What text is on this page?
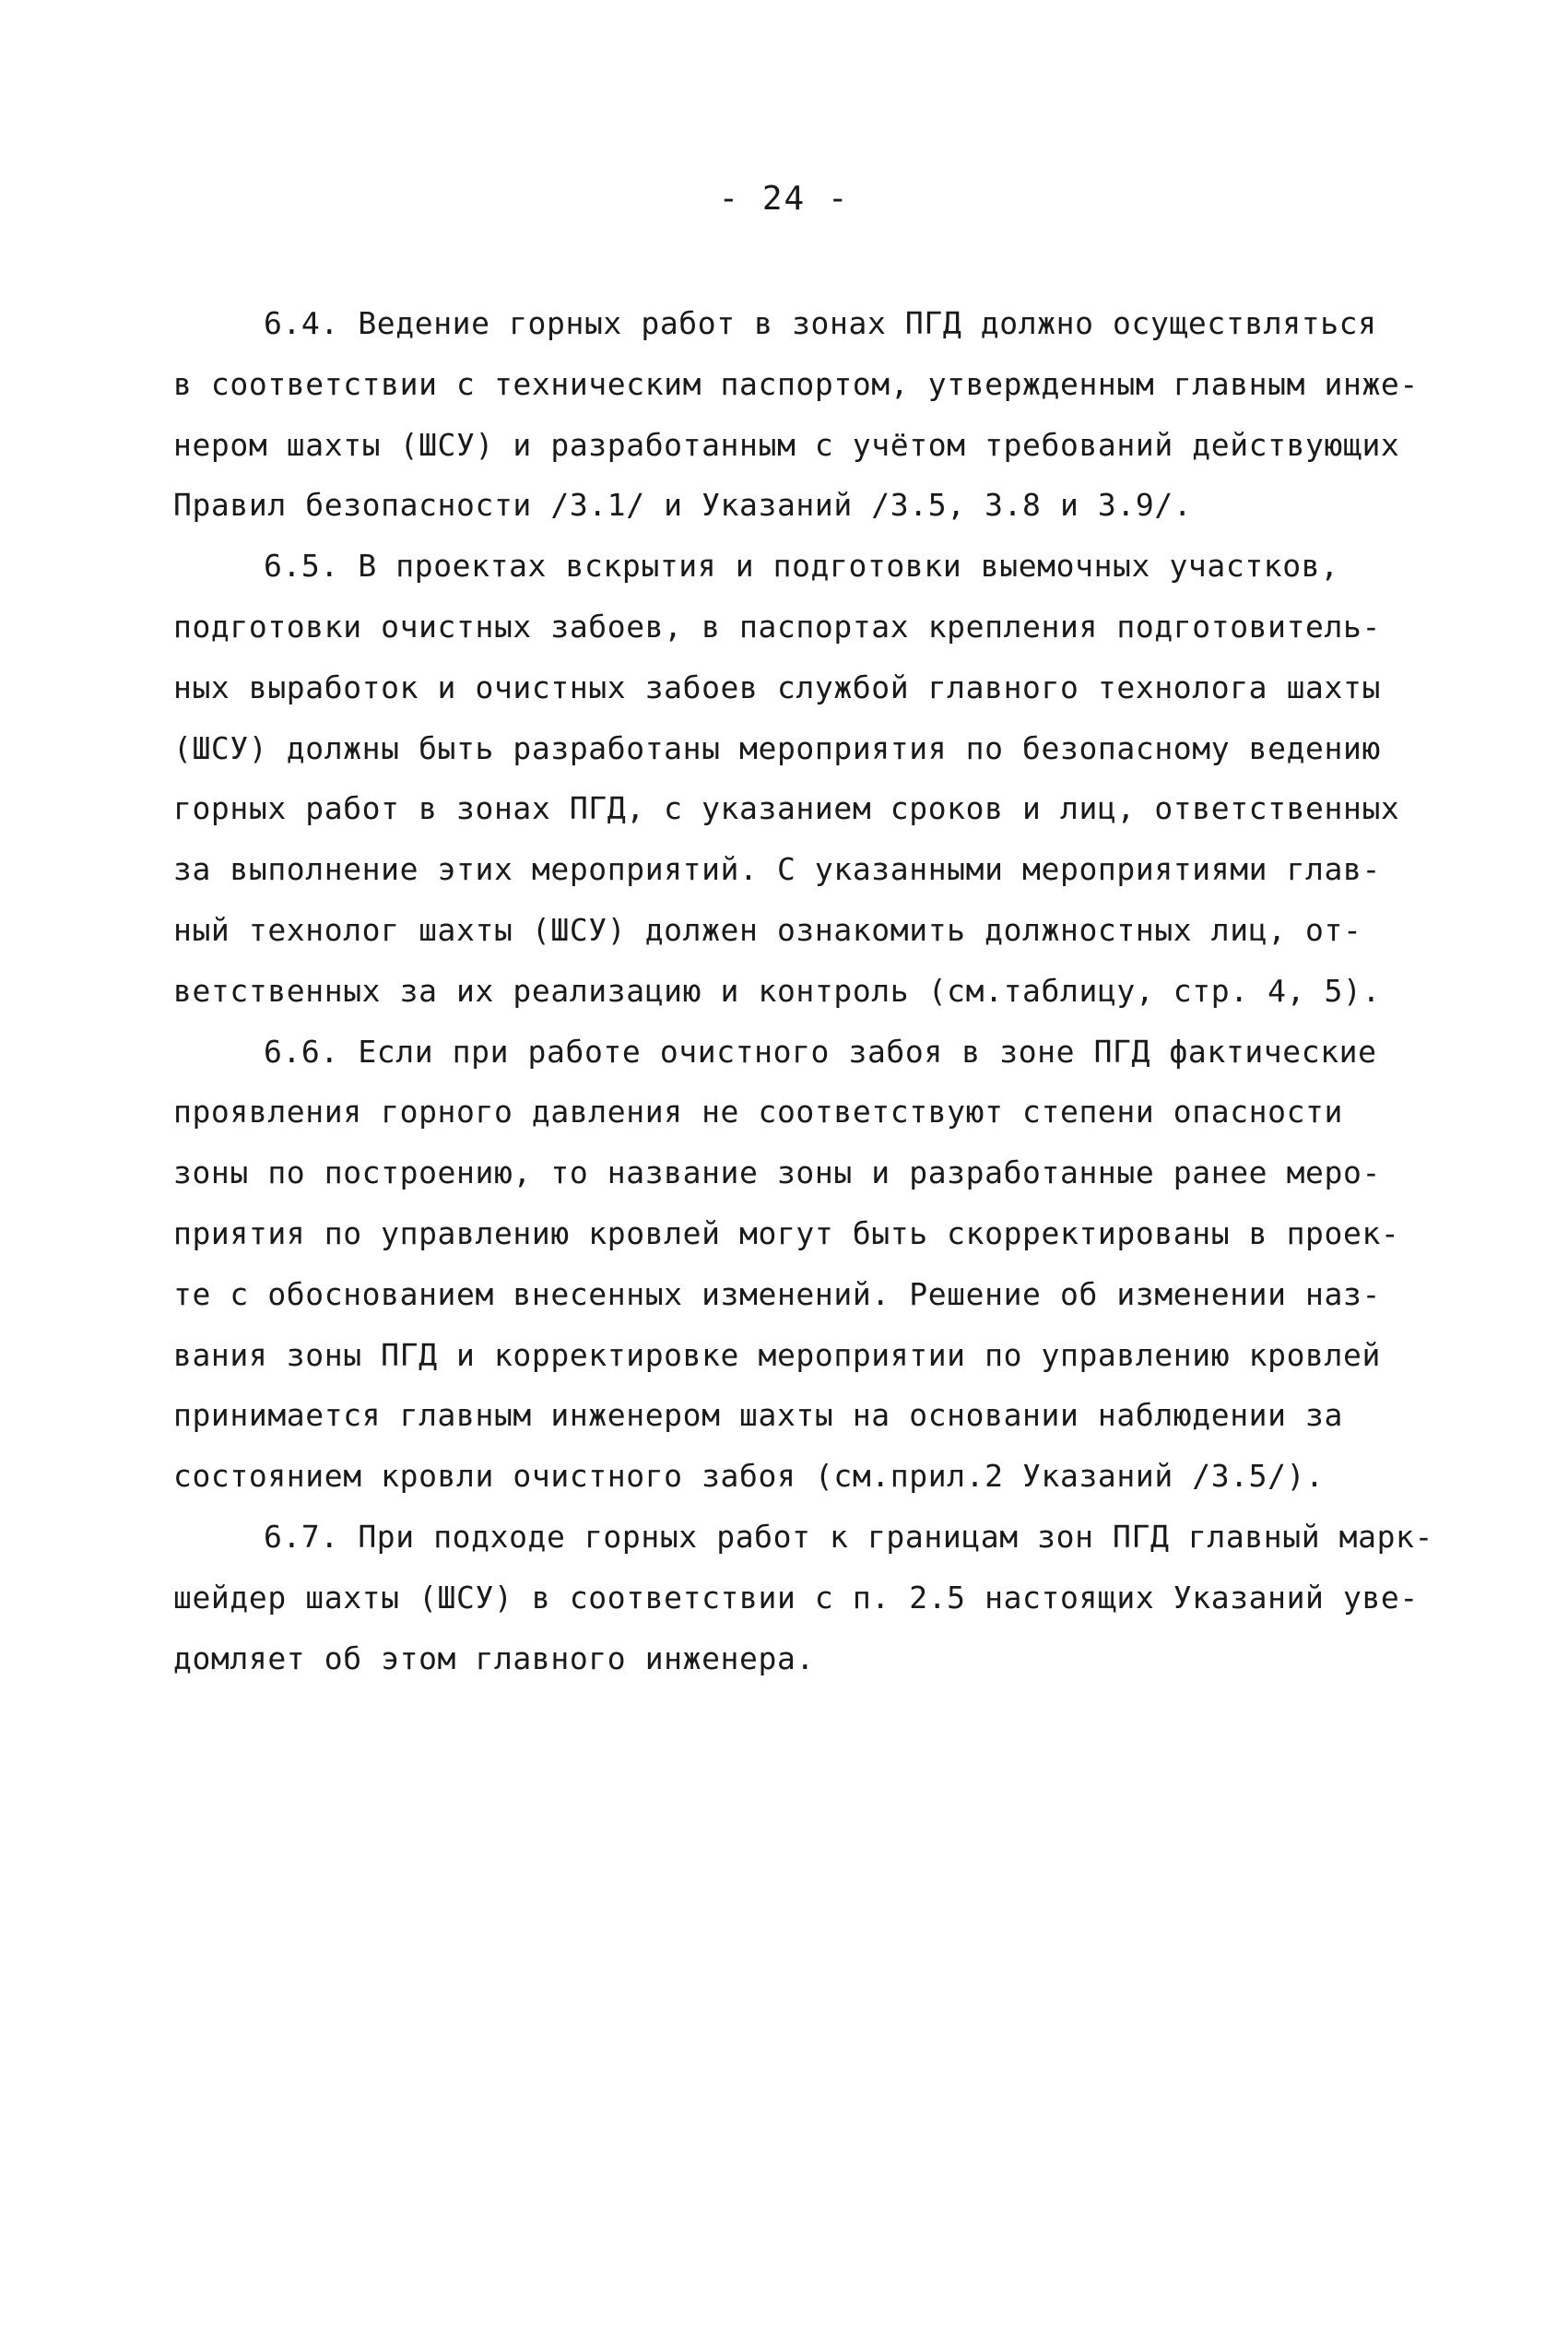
- 24 -
6.4. Ведение горных работ в зонах ПГД должно осуществляться
в соответствии с техническим паспортом, утвержденным главным инже-
нером шахты (ШСУ) и разработанным с учётом требований действующих
Правил безопасности /3.1/ и Указаний /3.5, 3.8 и 3.9/.
6.5. В проектах вскрытия и подготовки выемочных участков,
подготовки очистных забоев, в паспортах крепления подготовитель-
ных выработок и очистных забоев службой главного технолога шахты
(ШСУ) должны быть разработаны мероприятия по безопасному ведению
горных работ в зонах ПГД, с указанием сроков и лиц, ответственных
за выполнение этих мероприятий. С указанными мероприятиями глав-
ный технолог шахты (ШСУ) должен ознакомить должностных лиц, от-
ветственных за их реализацию и контроль (см.таблицу, стр. 4, 5).
6.6. Если при работе очистного забоя в зоне ПГД фактические
проявления горного давления не соответствуют степени опасности
зоны по построению, то название зоны и разработанные ранее меро-
приятия по управлению кровлей могут быть скорректированы в проек-
те с обоснованием внесенных изменений. Решение об изменении наз-
вания зоны ПГД и корректировке мероприятии по управлению кровлей
принимается главным инженером шахты на основании наблюдении за
состоянием кровли очистного забоя (см.прил.2 Указаний /3.5/).
6.7. При подходе горных работ к границам зон ПГД главный марк-
шейдер шахты (ШСУ) в соответствии с п. 2.5 настоящих Указаний уве-
домляет об этом главного инженера.
